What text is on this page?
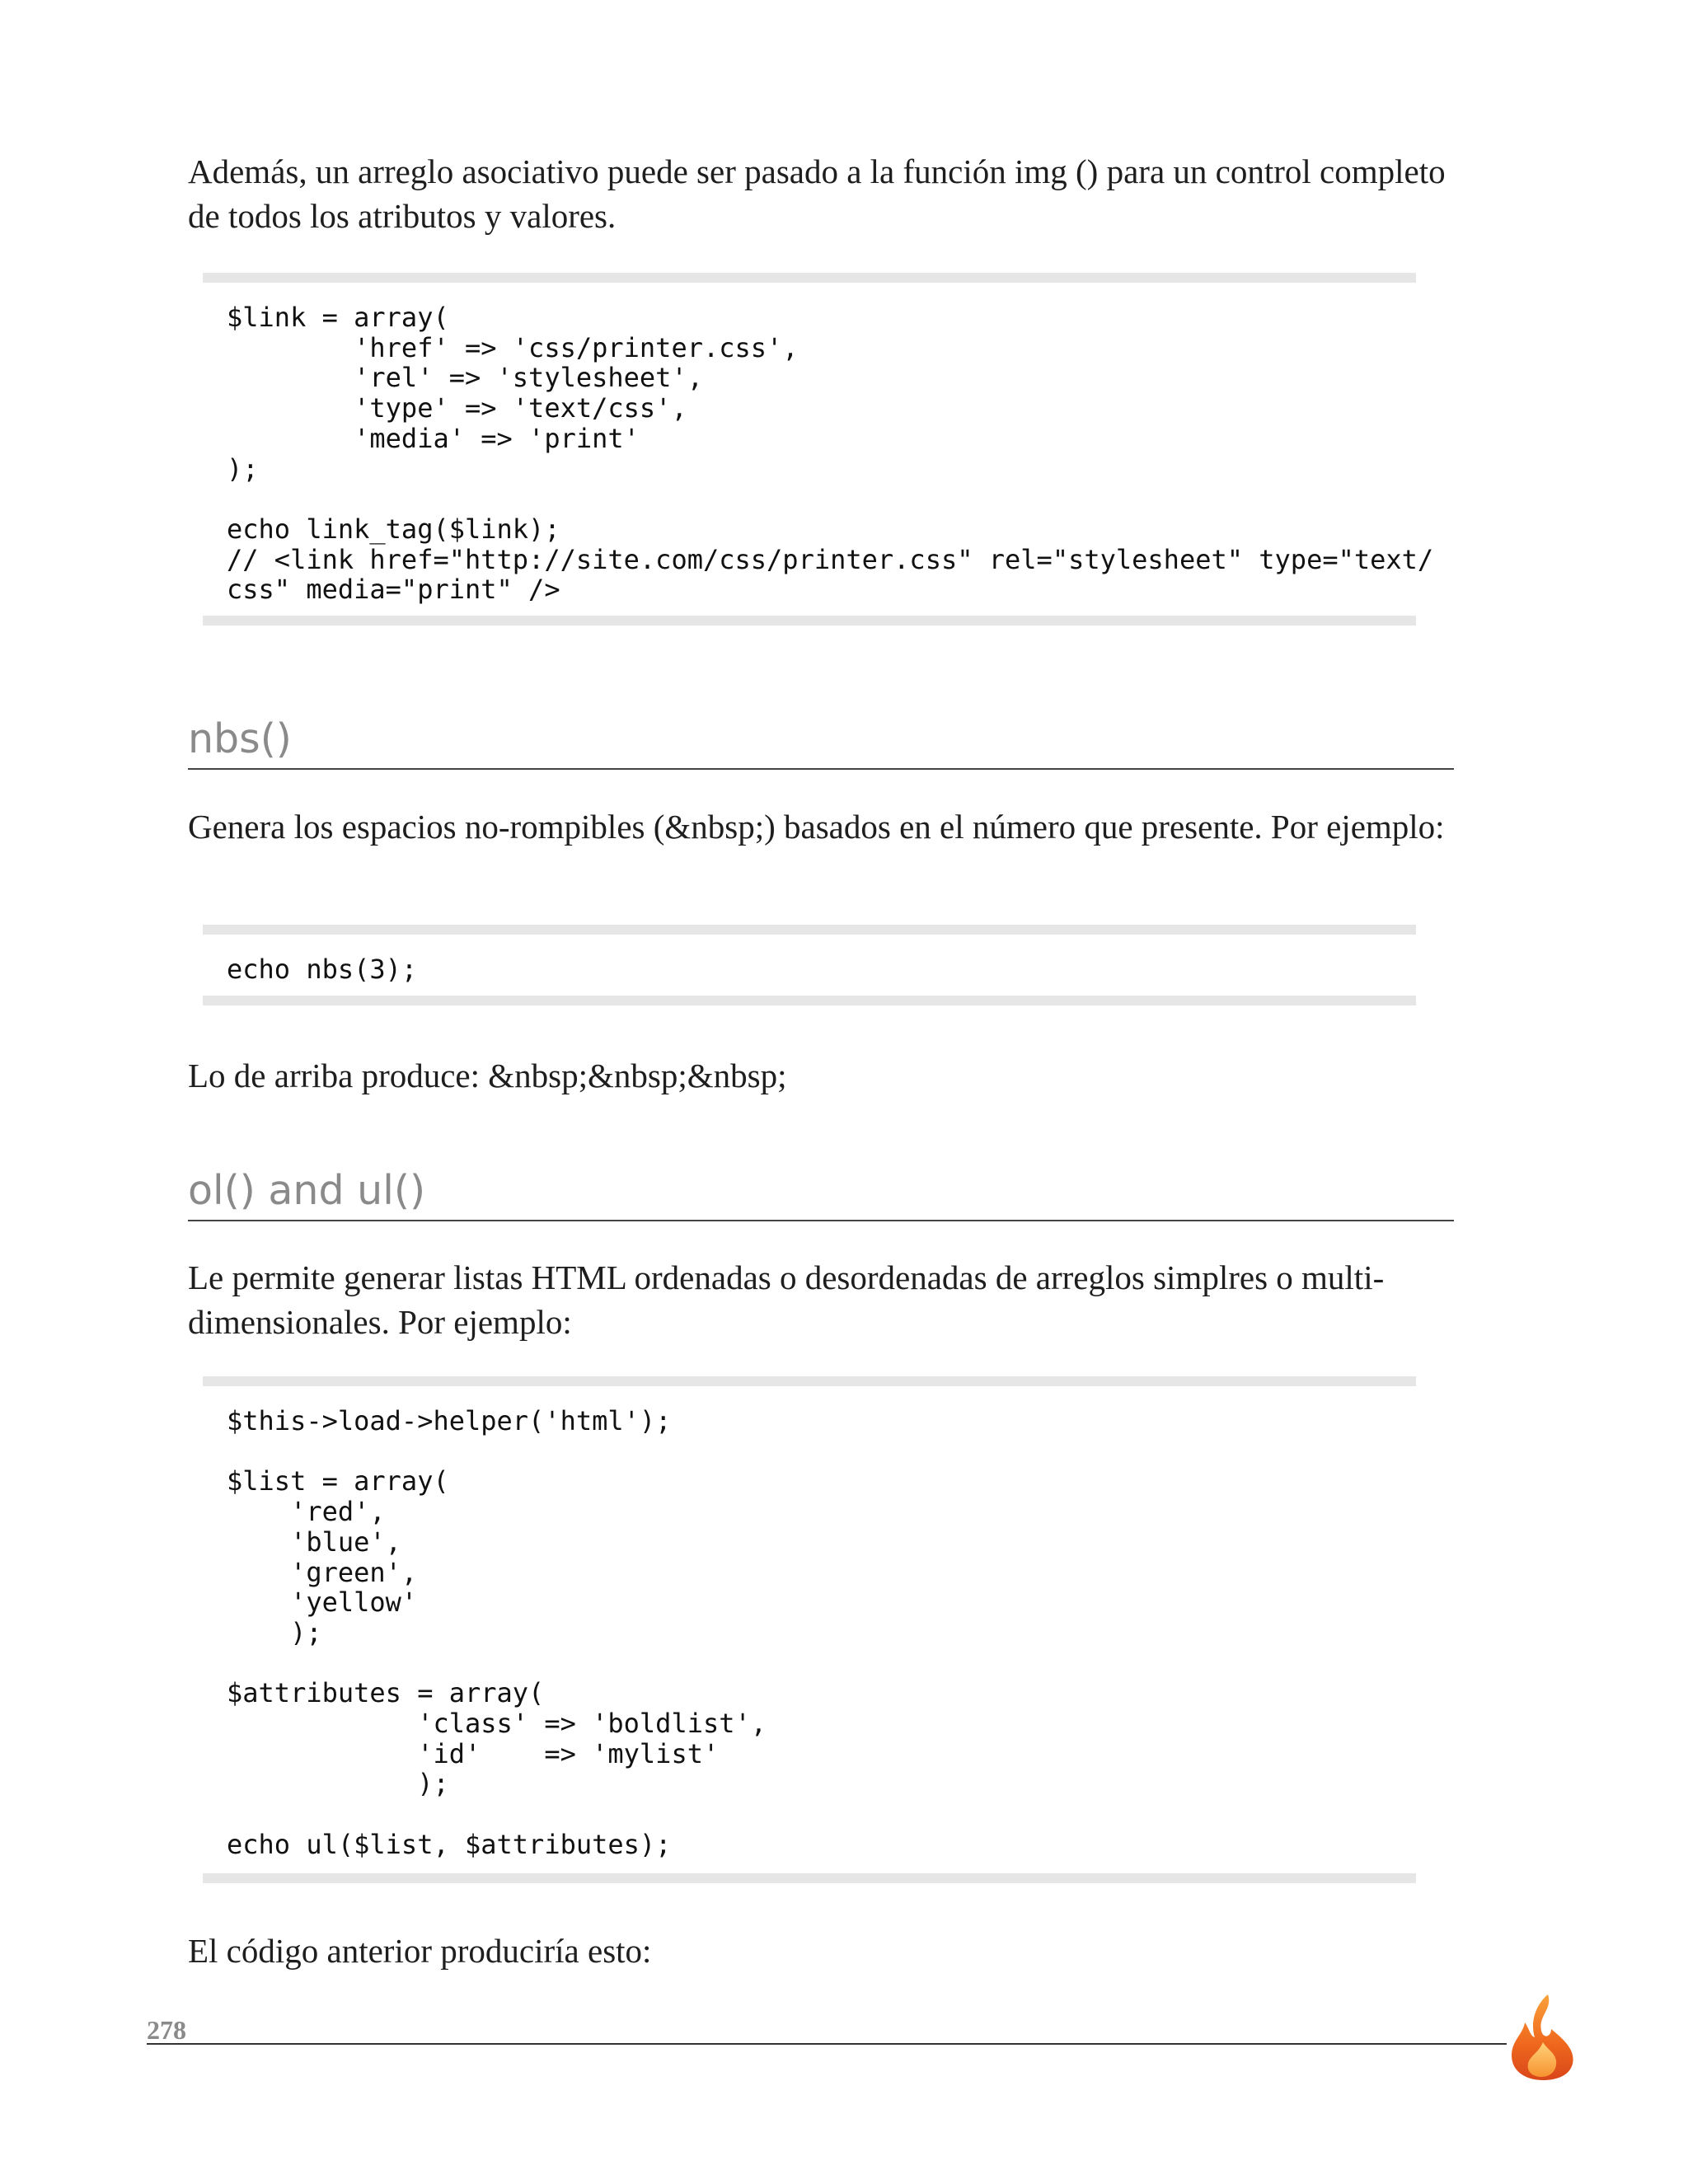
Además, un arreglo asociativo puede ser pasado a la función img () para un control completo de todos los atributos y valores.

$link = array(
'href' => 'css/printer.css',
'rel' => 'stylesheet',
'type' => 'text/css',
'media' => 'print'
);

echo link_tag($link);
// <link href="http://site.com/css/printer.css" rel="stylesheet" type="text/
css" media="print" />
nbs()

Genera los espacios no-rompibles (&nbsp;) basados en el número que presente. Por ejemplo:

echo nbs(3);

Lo de arriba produce: &nbsp;&nbsp;&nbsp;

ol() and ul()

Le permite generar listas HTML ordenadas o desordenadas de arreglos simplres o multi-dimensionales. Por ejemplo:

$this->load->helper('html');

$list = array(
'red',
'blue',
'green',
'yellow'
);

$attributes = array(
'class' => 'boldlist',
'id'    => 'mylist'
);

echo ul($list, $attributes);

El código anterior produciría esto:

278
